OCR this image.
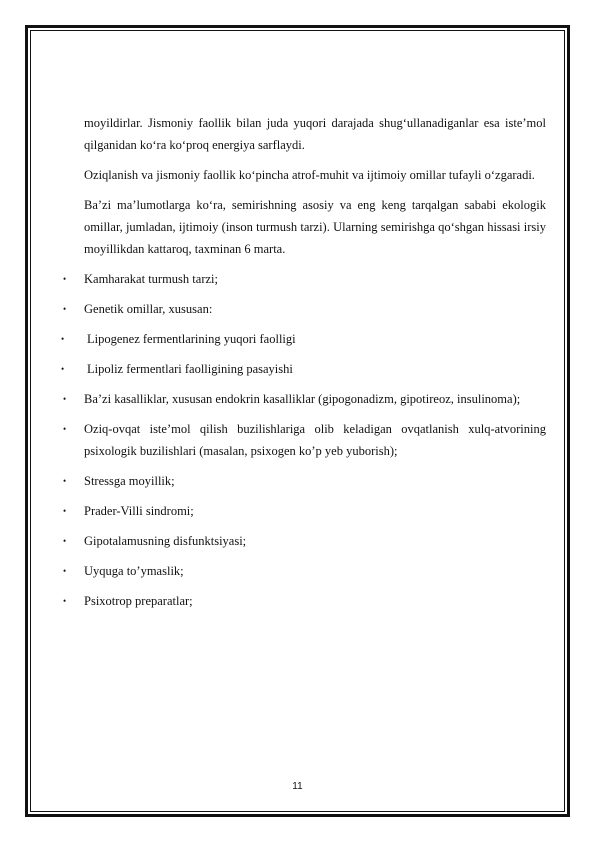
moyildirlar. Jismoniy faollik bilan juda yuqori darajada shug‘ullanadiganlar esa iste’mol qilganidan ko‘ra ko‘proq energiya sarflaydi.

Oziqlanish va jismoniy faollik ko‘pincha atrof-muhit va ijtimoiy omillar tufayli o‘zgaradi.

Ba’zi ma’lumotlarga ko‘ra, semirishning asosiy va eng keng tarqalgan sababi ekologik omillar, jumladan, ijtimoiy (inson turmush tarzi). Ularning semirishga qo‘shgan hissasi irsiy moyillikdan kattaroq, taxminan 6 marta.

•	Kamharakat turmush tarzi;
•	Genetik omillar, xususan:
•	Lipogenez fermentlarining yuqori faolligi
•	Lipoliz fermentlari faolligining pasayishi
•	Ba’zi kasalliklar, xususan endokrin kasalliklar (gipogonadizm, gipotireoz, insulinoma);
•	Oziq-ovqat iste’mol qilish buzilishlariga olib keladigan ovqatlanish xulq-atvorining psixologik buzilishlari (masalan, psixogen ko’p yeb yuborish);
•	Stressga moyillik;
•	Prader-Villi sindromi;
•	Gipotalamusning disfunktsiyasi;
•	Uyquga to’ymaslik;
•	Psixotrop preparatlar;
11
